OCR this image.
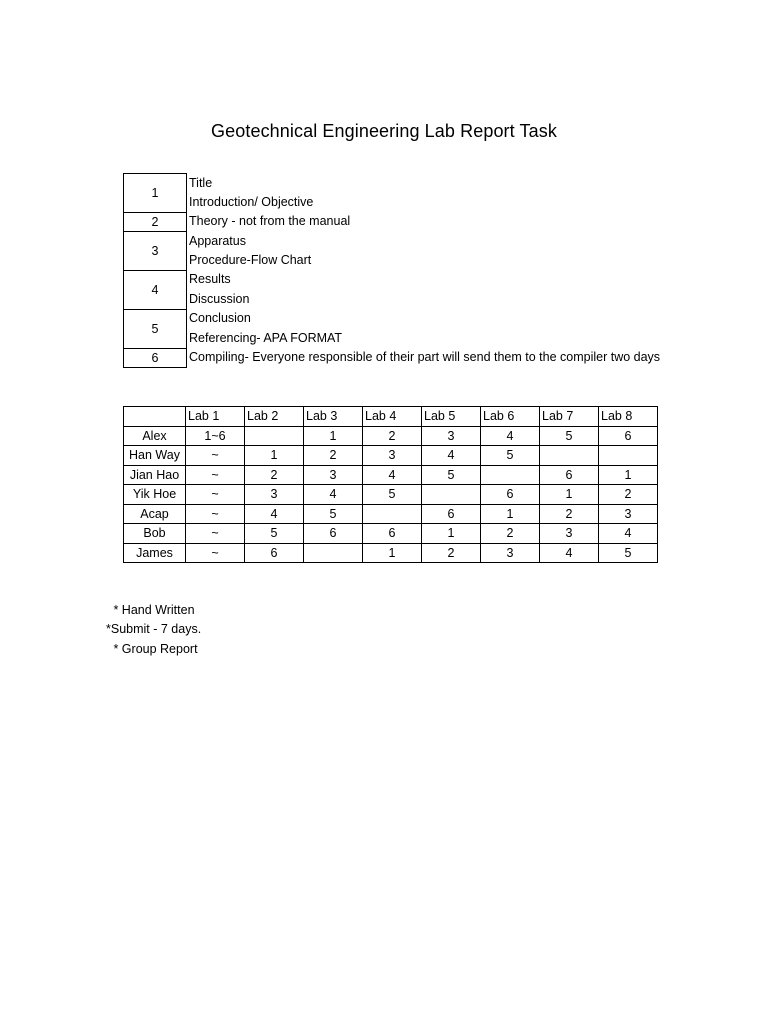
Geotechnical Engineering Lab Report Task
1	Title
Introduction/ Objective

2	Theory - not from the manual

3	Apparatus
Procedure-Flow Chart

4	Results
Discussion

5	Conclusion
Referencing- APA FORMAT

6	Compiling- Everyone responsible of their part will send them to the compiler two days
	Lab 1	Lab 2	Lab 3	Lab 4	Lab 5	Lab 6	Lab 7	Lab 8
Alex	1~6		1	2	3	4	5	6
Han Way	~	1	2	3	4	5		
Jian Hao	~	2	3	4	5		6	1
Yik Hoe	~	3	4	5		6	1	2
Acap	~	4	5		6	1	2	3
Bob	~	5	6	6	1	2	3	4
James	~	6		1	2	3	4	5
* Hand Written
*Submit - 7 days.
* Group Report
